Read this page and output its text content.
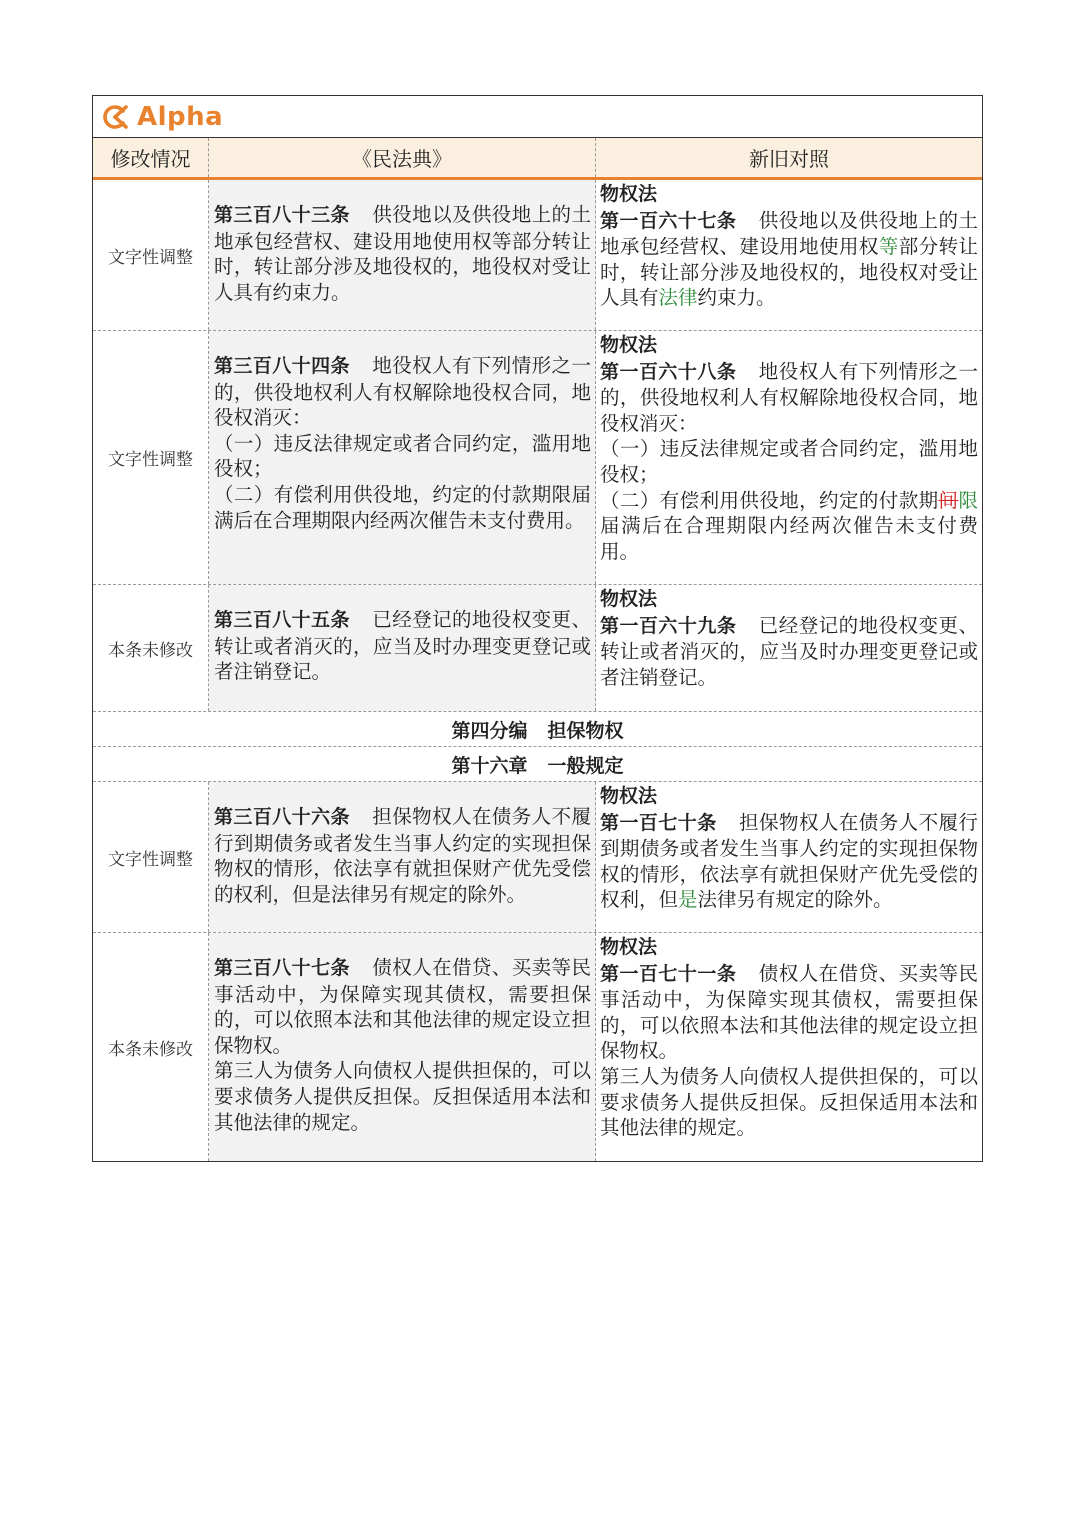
Alpha
修改情况	《民法典》	新旧对照
文字性调整
第三百八十三条 供役地以及供役地上的土地承包经营权、建设用地使用权等部分转让时，转让部分涉及地役权的，地役权对受让人具有约束力。
物权法
第一百六十七条 供役地以及供役地上的土地承包经营权、建设用地使用权等部分转让时，转让部分涉及地役权的，地役权对受让人具有法律约束力。
文字性调整
第三百八十四条 地役权人有下列情形之一的，供役地权利人有权解除地役权合同，地役权消灭：
（一）违反法律规定或者合同约定，滥用地役权；
（二）有偿利用供役地，约定的付款期限届满后在合理期限内经两次催告未支付费用。
物权法
第一百六十八条 地役权人有下列情形之一的，供役地权利人有权解除地役权合同，地役权消灭：
（一）违反法律规定或者合同约定，滥用地役权；
（二）有偿利用供役地，约定的付款期间限届满后在合理期限内经两次催告未支付费用。
本条未修改
第三百八十五条 已经登记的地役权变更、转让或者消灭的，应当及时办理变更登记或者注销登记。
物权法
第一百六十九条 已经登记的地役权变更、转让或者消灭的，应当及时办理变更登记或者注销登记。
第四分编 担保物权
第十六章 一般规定
文字性调整
第三百八十六条 担保物权人在债务人不履行到期债务或者发生当事人约定的实现担保物权的情形，依法享有就担保财产优先受偿的权利，但是法律另有规定的除外。
物权法
第一百七十条 担保物权人在债务人不履行到期债务或者发生当事人约定的实现担保物权的情形，依法享有就担保财产优先受偿的权利，但是法律另有规定的除外。
本条未修改
第三百八十七条 债权人在借贷、买卖等民事活动中，为保障实现其债权，需要担保的，可以依照本法和其他法律的规定设立担保物权。
第三人为债务人向债权人提供担保的，可以要求债务人提供反担保。反担保适用本法和其他法律的规定。
物权法
第一百七十一条 债权人在借贷、买卖等民事活动中，为保障实现其债权，需要担保的，可以依照本法和其他法律的规定设立担保物权。
第三人为债务人向债权人提供担保的，可以要求债务人提供反担保。反担保适用本法和其他法律的规定。
